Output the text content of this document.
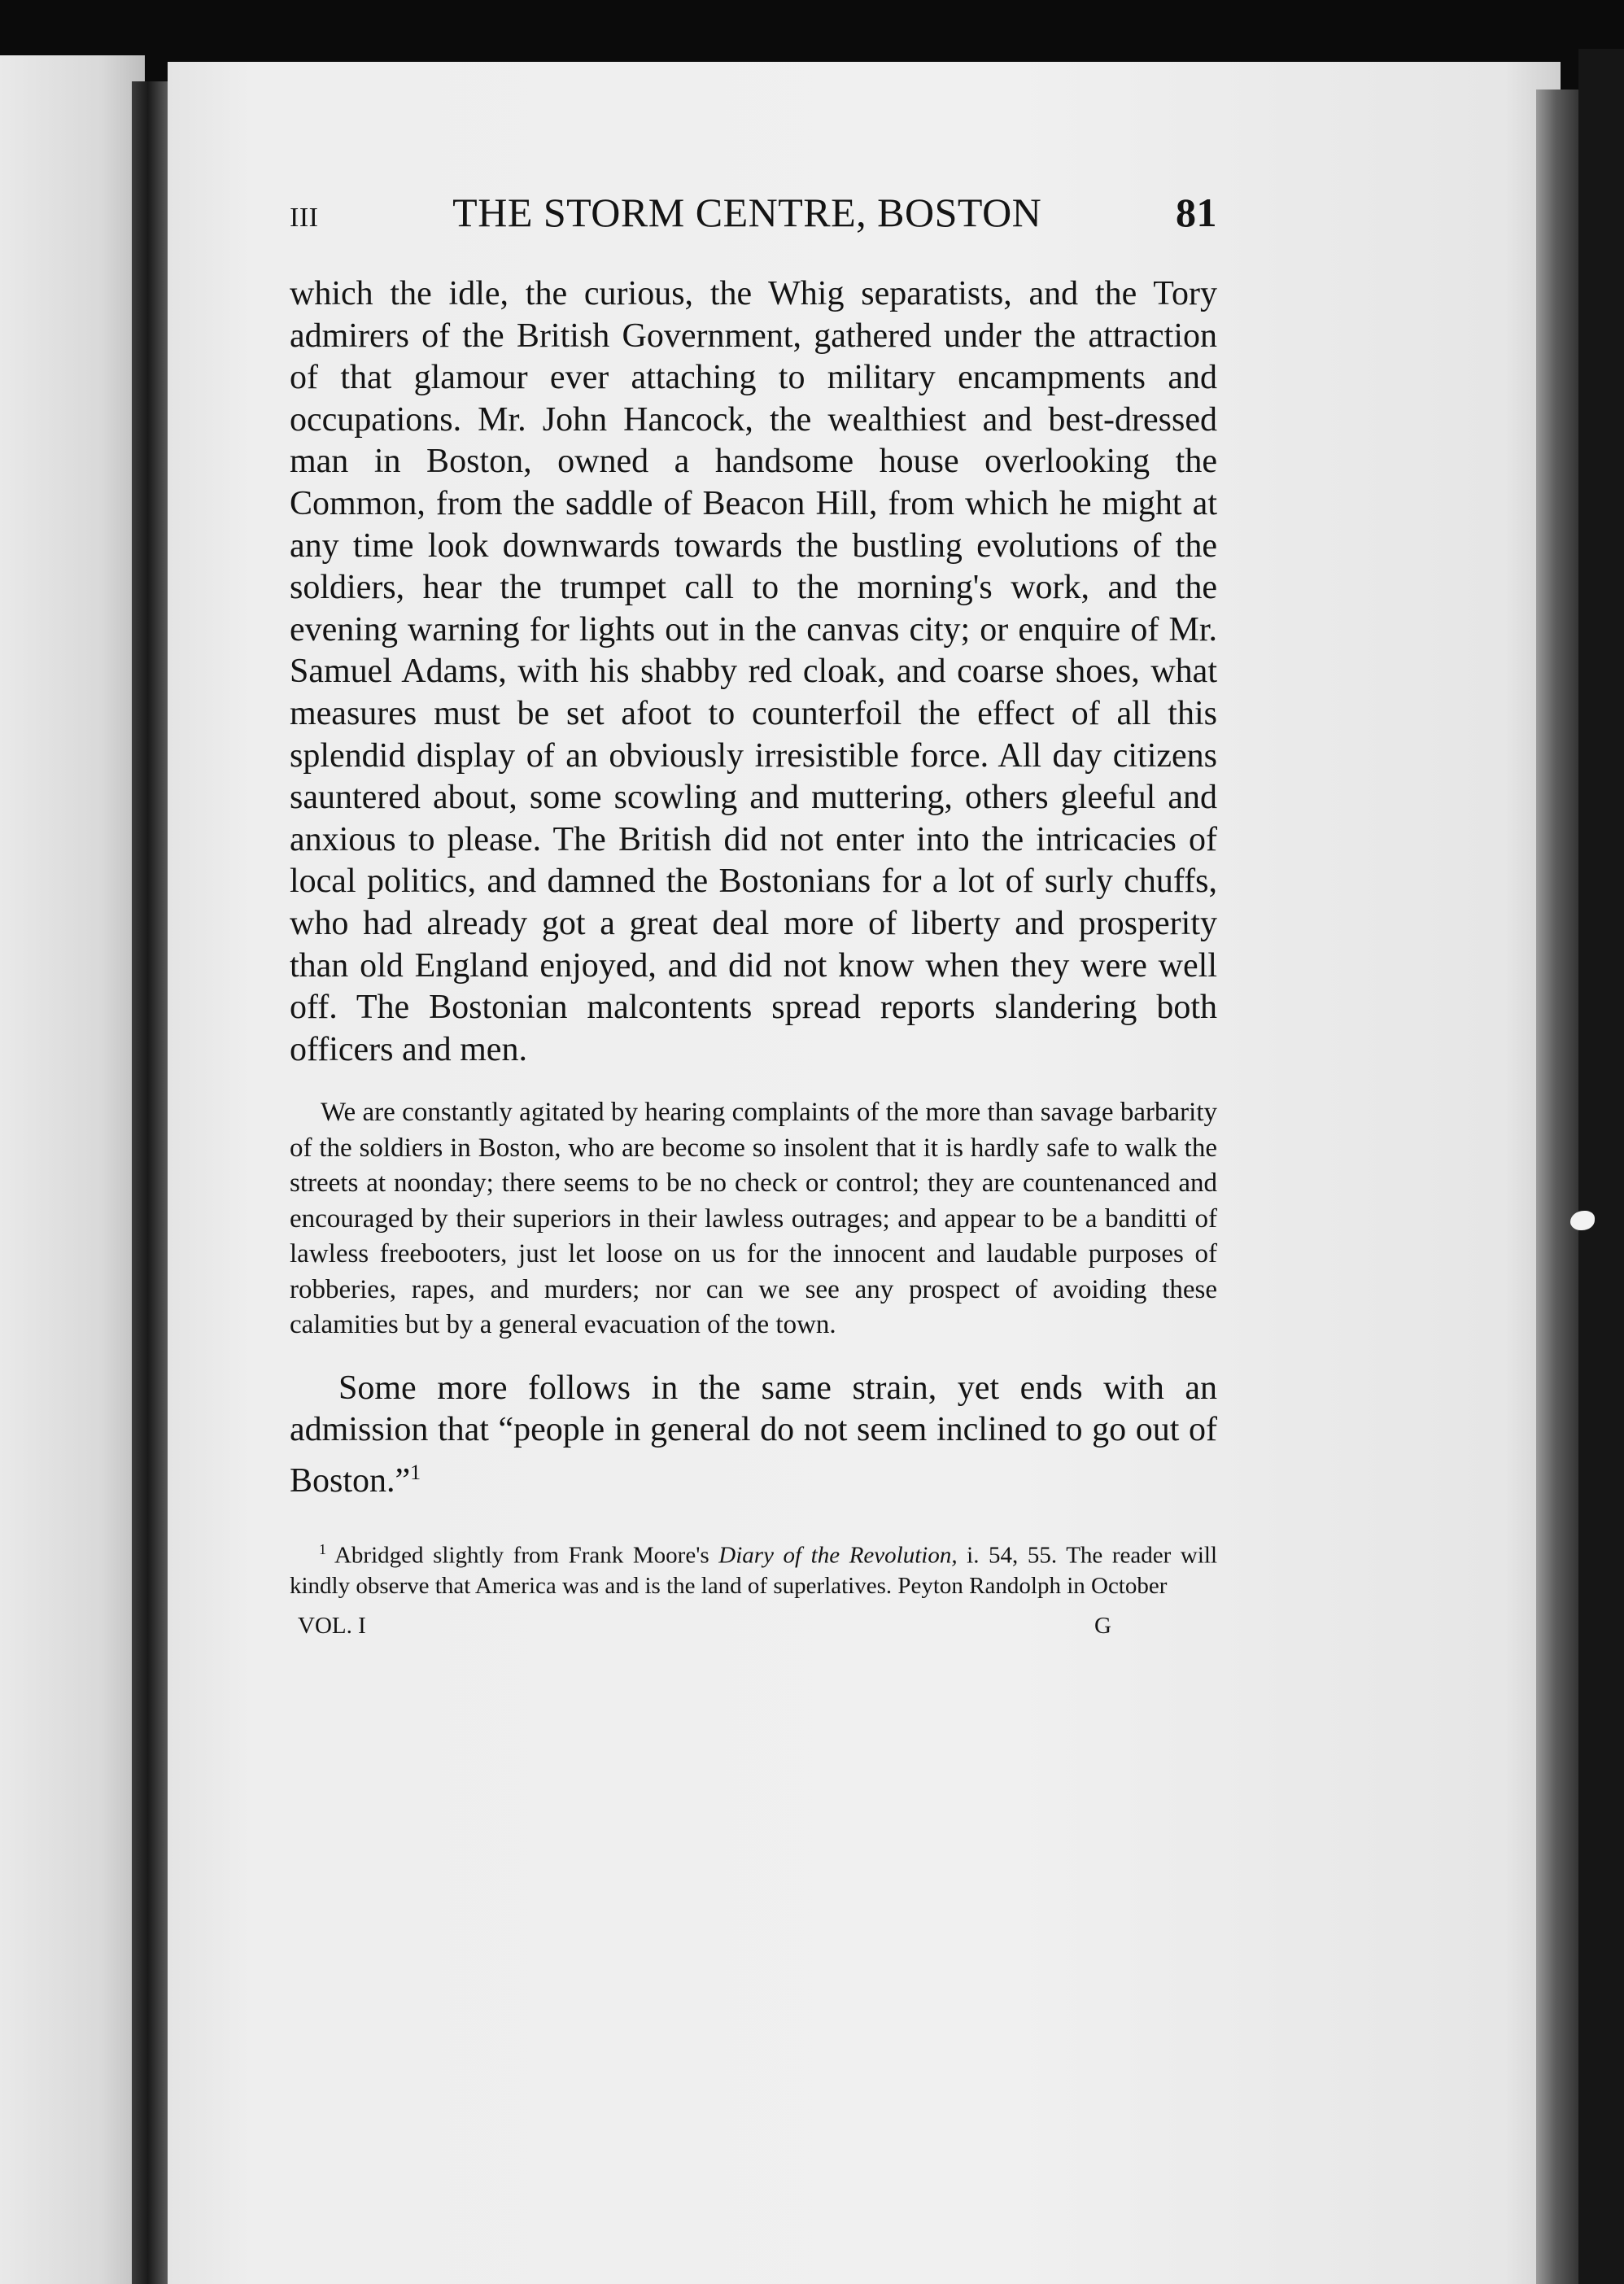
III	THE STORM CENTRE, BOSTON	81

which the idle, the curious, the Whig separatists, and the Tory admirers of the British Government, gathered under the attraction of that glamour ever attaching to military encampments and occupations. Mr. John Hancock, the wealthiest and best-dressed man in Boston, owned a handsome house overlooking the Common, from the saddle of Beacon Hill, from which he might at any time look downwards towards the bustling evolutions of the soldiers, hear the trumpet call to the morning's work, and the evening warning for lights out in the canvas city; or enquire of Mr. Samuel Adams, with his shabby red cloak, and coarse shoes, what measures must be set afoot to counterfoil the effect of all this splendid display of an obviously irresistible force. All day citizens sauntered about, some scowling and muttering, others gleeful and anxious to please. The British did not enter into the intricacies of local politics, and damned the Bostonians for a lot of surly chuffs, who had already got a great deal more of liberty and prosperity than old England enjoyed, and did not know when they were well off. The Bostonian malcontents spread reports slandering both officers and men.

We are constantly agitated by hearing complaints of the more than savage barbarity of the soldiers in Boston, who are become so insolent that it is hardly safe to walk the streets at noonday; there seems to be no check or control; they are countenanced and encouraged by their superiors in their lawless outrages; and appear to be a banditti of lawless freebooters, just let loose on us for the innocent and laudable purposes of robberies, rapes, and murders; nor can we see any prospect of avoiding these calamities but by a general evacuation of the town.

Some more follows in the same strain, yet ends with an admission that “people in general do not seem inclined to go out of Boston.”$^1$

$^1$ Abridged slightly from Frank Moore's Diary of the Revolution, i. 54, 55. The reader will kindly observe that America was and is the land of superlatives. Peyton Randolph in October

VOL. I	G
